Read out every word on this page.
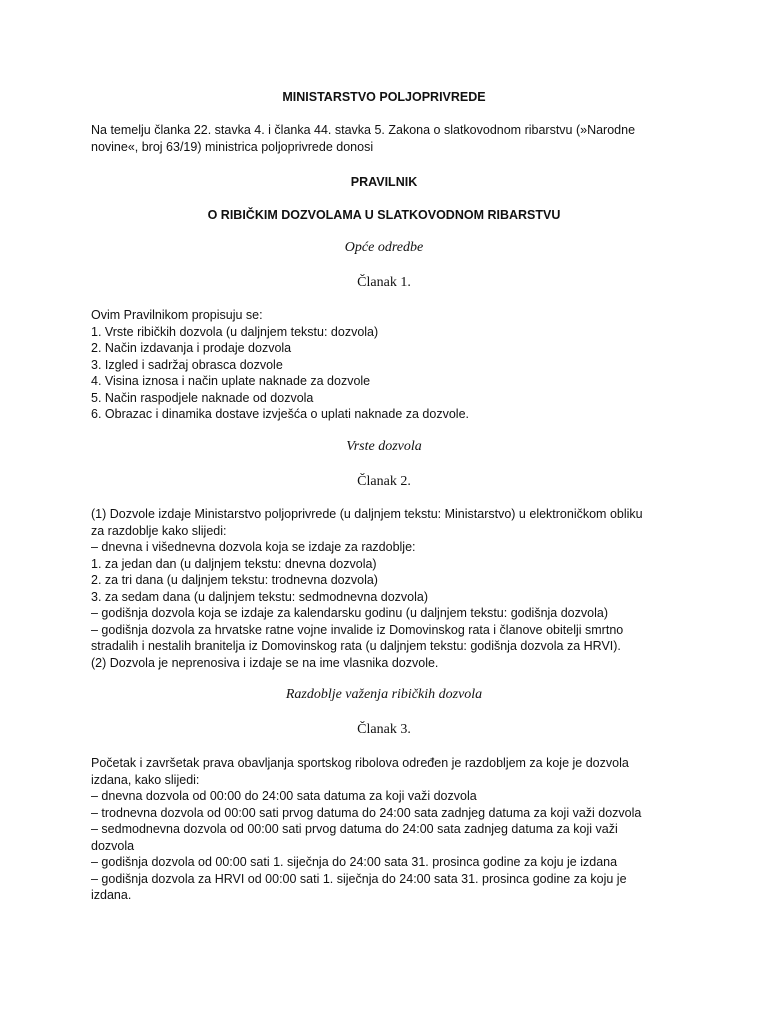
MINISTARSTVO POLJOPRIVREDE
Na temelju članka 22. stavka 4. i članka 44. stavka 5. Zakona o slatkovodnom ribarstvu (»Narodne
novine«, broj 63/19) ministrica poljoprivrede donosi
PRAVILNIK
O RIBIČKIM DOZVOLAMA U SLATKOVODNOM RIBARSTVU
Opće odredbe
Članak 1.
Ovim Pravilnikom propisuju se:
1. Vrste ribičkih dozvola (u daljnjem tekstu: dozvola)
2. Način izdavanja i prodaje dozvola
3. Izgled i sadržaj obrasca dozvole
4. Visina iznosa i način uplate naknade za dozvole
5. Način raspodjele naknade od dozvola
6. Obrazac i dinamika dostave izvješća o uplati naknade za dozvole.
Vrste dozvola
Članak 2.
(1) Dozvole izdaje Ministarstvo poljoprivrede (u daljnjem tekstu: Ministarstvo) u elektroničkom obliku
za razdoblje kako slijedi:
– dnevna i višednevna dozvola koja se izdaje za razdoblje:
1. za jedan dan (u daljnjem tekstu: dnevna dozvola)
2. za tri dana (u daljnjem tekstu: trodnevna dozvola)
3. za sedam dana (u daljnjem tekstu: sedmodnevna dozvola)
– godišnja dozvola koja se izdaje za kalendarsku godinu (u daljnjem tekstu: godišnja dozvola)
– godišnja dozvola za hrvatske ratne vojne invalide iz Domovinskog rata i članove obitelji smrtno
stradalih i nestalih branitelja iz Domovinskog rata (u daljnjem tekstu: godišnja dozvola za HRVI).
(2) Dozvola je neprenosiva i izdaje se na ime vlasnika dozvole.
Razdoblje važenja ribičkih dozvola
Članak 3.
Početak i završetak prava obavljanja sportskog ribolova određen je razdobljem za koje je dozvola
izdana, kako slijedi:
– dnevna dozvola od 00:00 do 24:00 sata datuma za koji važi dozvola
– trodnevna dozvola od 00:00 sati prvog datuma do 24:00 sata zadnjeg datuma za koji važi dozvola
– sedmodnevna dozvola od 00:00 sati prvog datuma do 24:00 sata zadnjeg datuma za koji važi
dozvola
– godišnja dozvola od 00:00 sati 1. siječnja do 24:00 sata 31. prosinca godine za koju je izdana
– godišnja dozvola za HRVI od 00:00 sati 1. siječnja do 24:00 sata 31. prosinca godine za koju je
izdana.
